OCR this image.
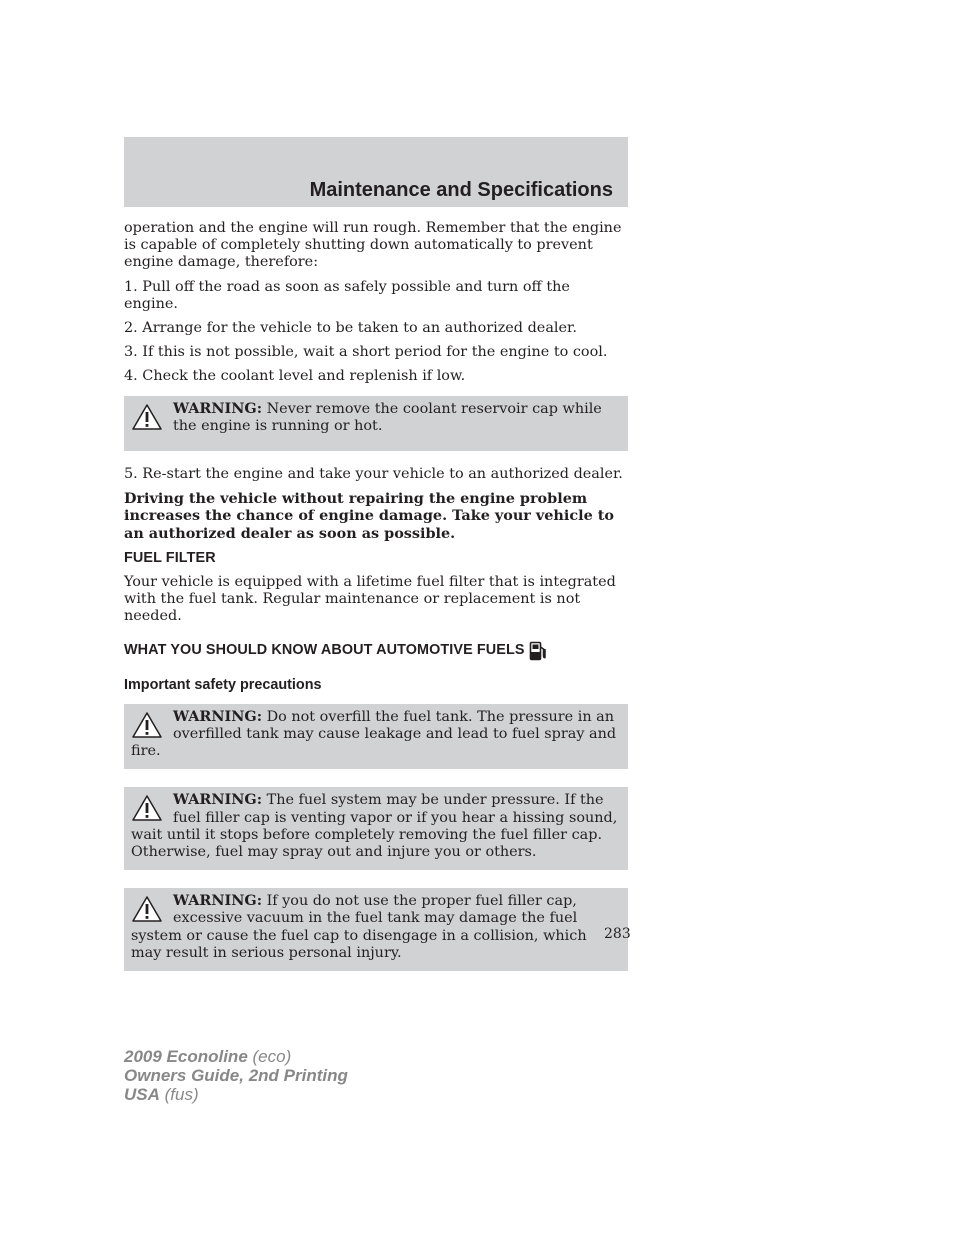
Maintenance and Specifications

operation and the engine will run rough. Remember that the engine is capable of completely shutting down automatically to prevent engine damage, therefore:

1. Pull off the road as soon as safely possible and turn off the engine.

2. Arrange for the vehicle to be taken to an authorized dealer.

3. If this is not possible, wait a short period for the engine to cool.

4. Check the coolant level and replenish if low.

WARNING: Never remove the coolant reservoir cap while the engine is running or hot.

5. Re-start the engine and take your vehicle to an authorized dealer.

Driving the vehicle without repairing the engine problem increases the chance of engine damage. Take your vehicle to an authorized dealer as soon as possible.

FUEL FILTER

Your vehicle is equipped with a lifetime fuel filter that is integrated with the fuel tank. Regular maintenance or replacement is not needed.

WHAT YOU SHOULD KNOW ABOUT AUTOMOTIVE FUELS
Important safety precautions

WARNING: Do not overfill the fuel tank. The pressure in an overfilled tank may cause leakage and lead to fuel spray and fire.

WARNING: The fuel system may be under pressure. If the fuel filler cap is venting vapor or if you hear a hissing sound, wait until it stops before completely removing the fuel filler cap. Otherwise, fuel may spray out and injure you or others.

WARNING: If you do not use the proper fuel filler cap, excessive vacuum in the fuel tank may damage the fuel system or cause the fuel cap to disengage in a collision, which may result in serious personal injury.

283
2009 Econoline (eco)
Owners Guide, 2nd Printing
USA (fus)
